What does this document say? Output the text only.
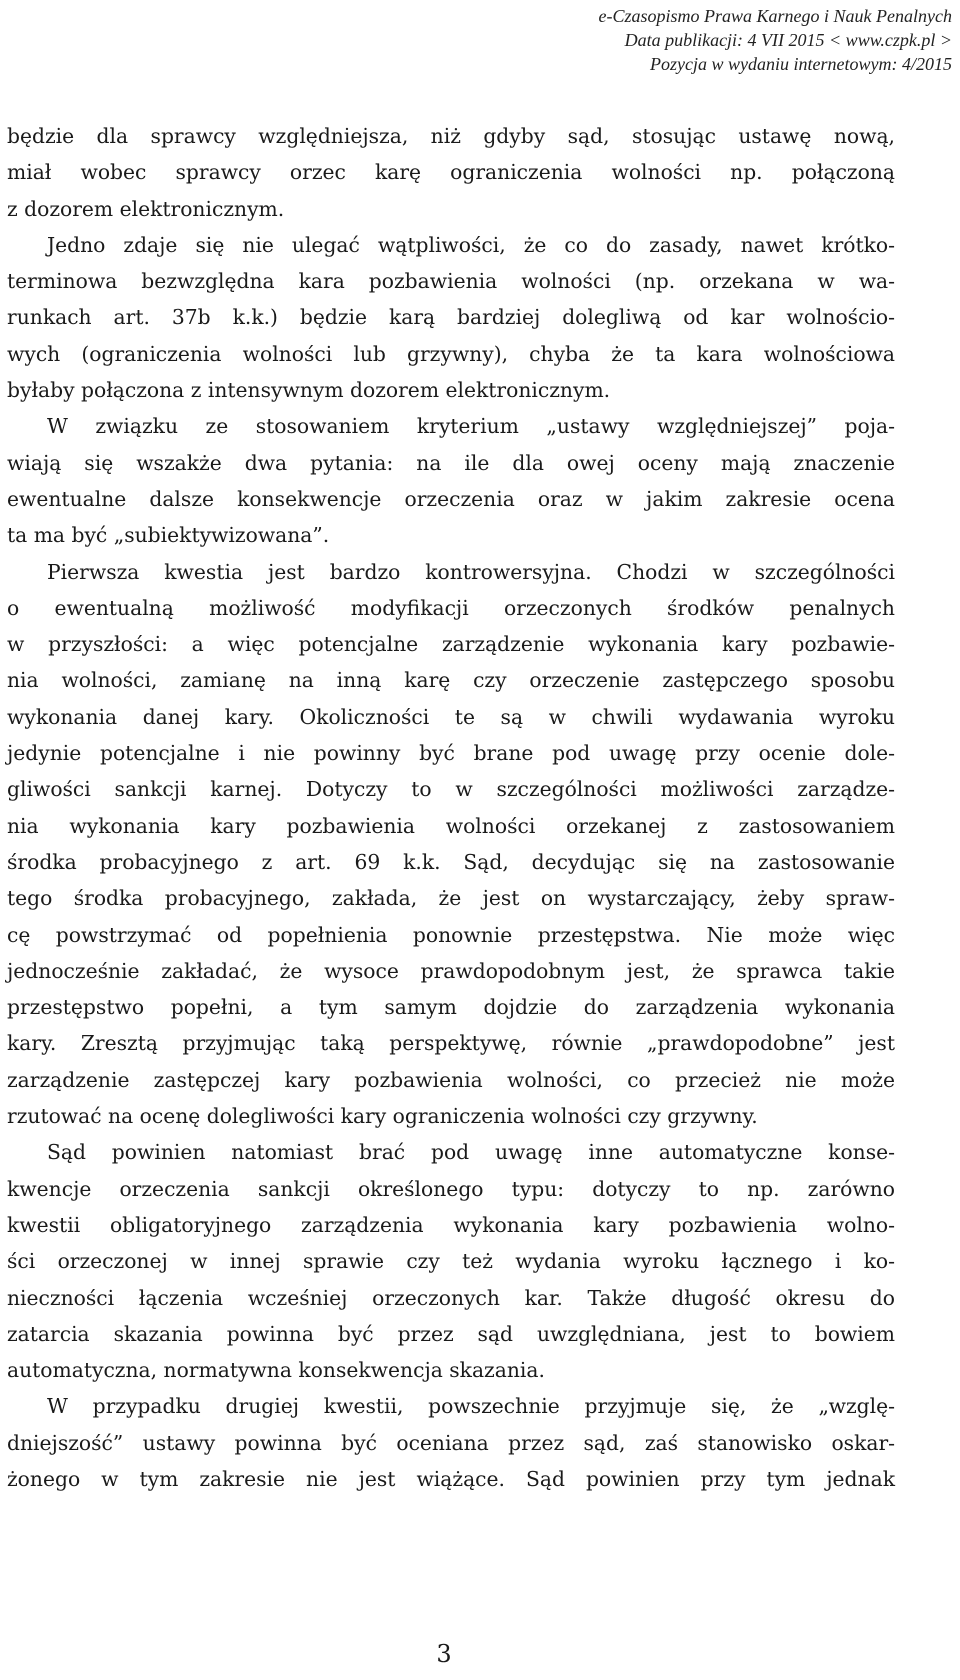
e-Czasopismo Prawa Karnego i Nauk Penalnych
Data publikacji: 4 VII 2015 < www.czpk.pl >
Pozycja w wydaniu internetowym: 4/2015
będzie dla sprawcy względniejsza, niż gdyby sąd, stosując ustawę nową,
miał wobec sprawcy orzec karę ograniczenia wolności np. połączoną
z dozorem elektronicznym.
Jedno zdaje się nie ulegać wątpliwości, że co do zasady, nawet krótko-
terminowa bezwzględna kara pozbawienia wolności (np. orzekana w wa-
runkach art. 37b k.k.) będzie karą bardziej dolegliwą od kar wolnościo-
wych (ograniczenia wolności lub grzywny), chyba że ta kara wolnościowa
byłaby połączona z intensywnym dozorem elektronicznym.
W związku ze stosowaniem kryterium „ustawy względniejszej” poja-
wiają się wszakże dwa pytania: na ile dla owej oceny mają znaczenie
ewentualne dalsze konsekwencje orzeczenia oraz w jakim zakresie ocena
ta ma być „subiektywizowana”.
Pierwsza kwestia jest bardzo kontrowersyjna. Chodzi w szczególności
o ewentualną możliwość modyfikacji orzeczonych środków penalnych
w przyszłości: a więc potencjalne zarządzenie wykonania kary pozbawie-
nia wolności, zamianę na inną karę czy orzeczenie zastępczego sposobu
wykonania danej kary. Okoliczności te są w chwili wydawania wyroku
jedynie potencjalne i nie powinny być brane pod uwagę przy ocenie dole-
gliwości sankcji karnej. Dotyczy to w szczególności możliwości zarządze-
nia wykonania kary pozbawienia wolności orzekanej z zastosowaniem
środka probacyjnego z art. 69 k.k. Sąd, decydując się na zastosowanie
tego środka probacyjnego, zakłada, że jest on wystarczający, żeby spraw-
cę powstrzymać od popełnienia ponownie przestępstwa. Nie może więc
jednocześnie zakładać, że wysoce prawdopodobnym jest, że sprawca takie
przestępstwo popełni, a tym samym dojdzie do zarządzenia wykonania
kary. Zresztą przyjmując taką perspektywę, równie „prawdopodobne” jest
zarządzenie zastępczej kary pozbawienia wolności, co przecież nie może
rzutować na ocenę dolegliwości kary ograniczenia wolności czy grzywny.
Sąd powinien natomiast brać pod uwagę inne automatyczne konse-
kwencje orzeczenia sankcji określonego typu: dotyczy to np. zarówno
kwestii obligatoryjnego zarządzenia wykonania kary pozbawienia wolno-
ści orzeczonej w innej sprawie czy też wydania wyroku łącznego i ko-
nieczności łączenia wcześniej orzeczonych kar. Także długość okresu do
zatarcia skazania powinna być przez sąd uwzględniana, jest to bowiem
automatyczna, normatywna konsekwencja skazania.
W przypadku drugiej kwestii, powszechnie przyjmuje się, że „wzglę-
dniejszość” ustawy powinna być oceniana przez sąd, zaś stanowisko oskar-
żonego w tym zakresie nie jest wiążące. Sąd powinien przy tym jednak
3
